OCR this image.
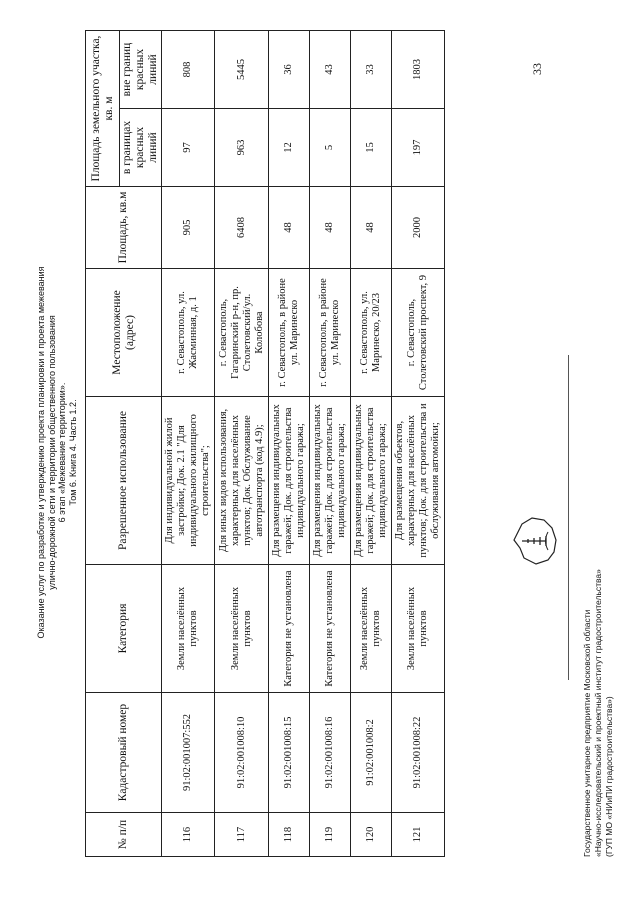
Оказание услуг по разработке и утверждению проекта планировки и проекта межевания улично-дорожной сети и территории общественного пользования 6 этап «Межевание территории». Том 6. Книга 4. Часть 1.2.
№ п/п	Кадастровый номер	Категория	Разрешенное использование	Местоположение (адрес)	Площадь, кв.м	Площадь земельного участка, кв. м	
						в границах красных линий	вне границ красных линий
116	91:02:001007:552	Земли населённых пунктов	Для индивидуальной жилой застройки; Док. 2.1 "Для индивидуального жилищного строительства";	г. Севастополь, ул. Жасминная, д. 1	905	97	808
117	91:02:001008:10	Земли населённых пунктов	Для иных видов использования, характерных для населённых пунктов; Док. Обслуживание автотранспорта (код 4.9);	г. Севастополь, Гагаринский р-н, пр. Столетовский/ул. Колобова	6408	963	5445
118	91:02:001008:15	Категория не установлена	Для размещения индивидуальных гаражей; Док. для строительства индивидуального гаража;	г. Севастополь, в районе ул. Маринеско	48	12	36
119	91:02:001008:16	Категория не установлена	Для размещения индивидуальных гаражей; Док. для строительства индивидуального гаража;	г. Севастополь, в районе ул. Маринеско	48	5	43
120	91:02:001008:2	Земли населённых пунктов	Для размещения индивидуальных гаражей; Док. для строительства индивидуального гаража;	г. Севастополь, ул. Маринеско, 20/23	48	15	33
121	91:02:001008:22	Земли населённых пунктов	Для размещения объектов, характерных для населённых пунктов; Док. для строительства и обслуживания автомойки;	г. Севастополь, Столетовский проспект, 9	2000	197	1803
Государственное унитарное предприятие Московской области «Научно-исследовательский и проектный институт градостроительства» (ГУП МО «НИиПИ градостроительства»)
33
